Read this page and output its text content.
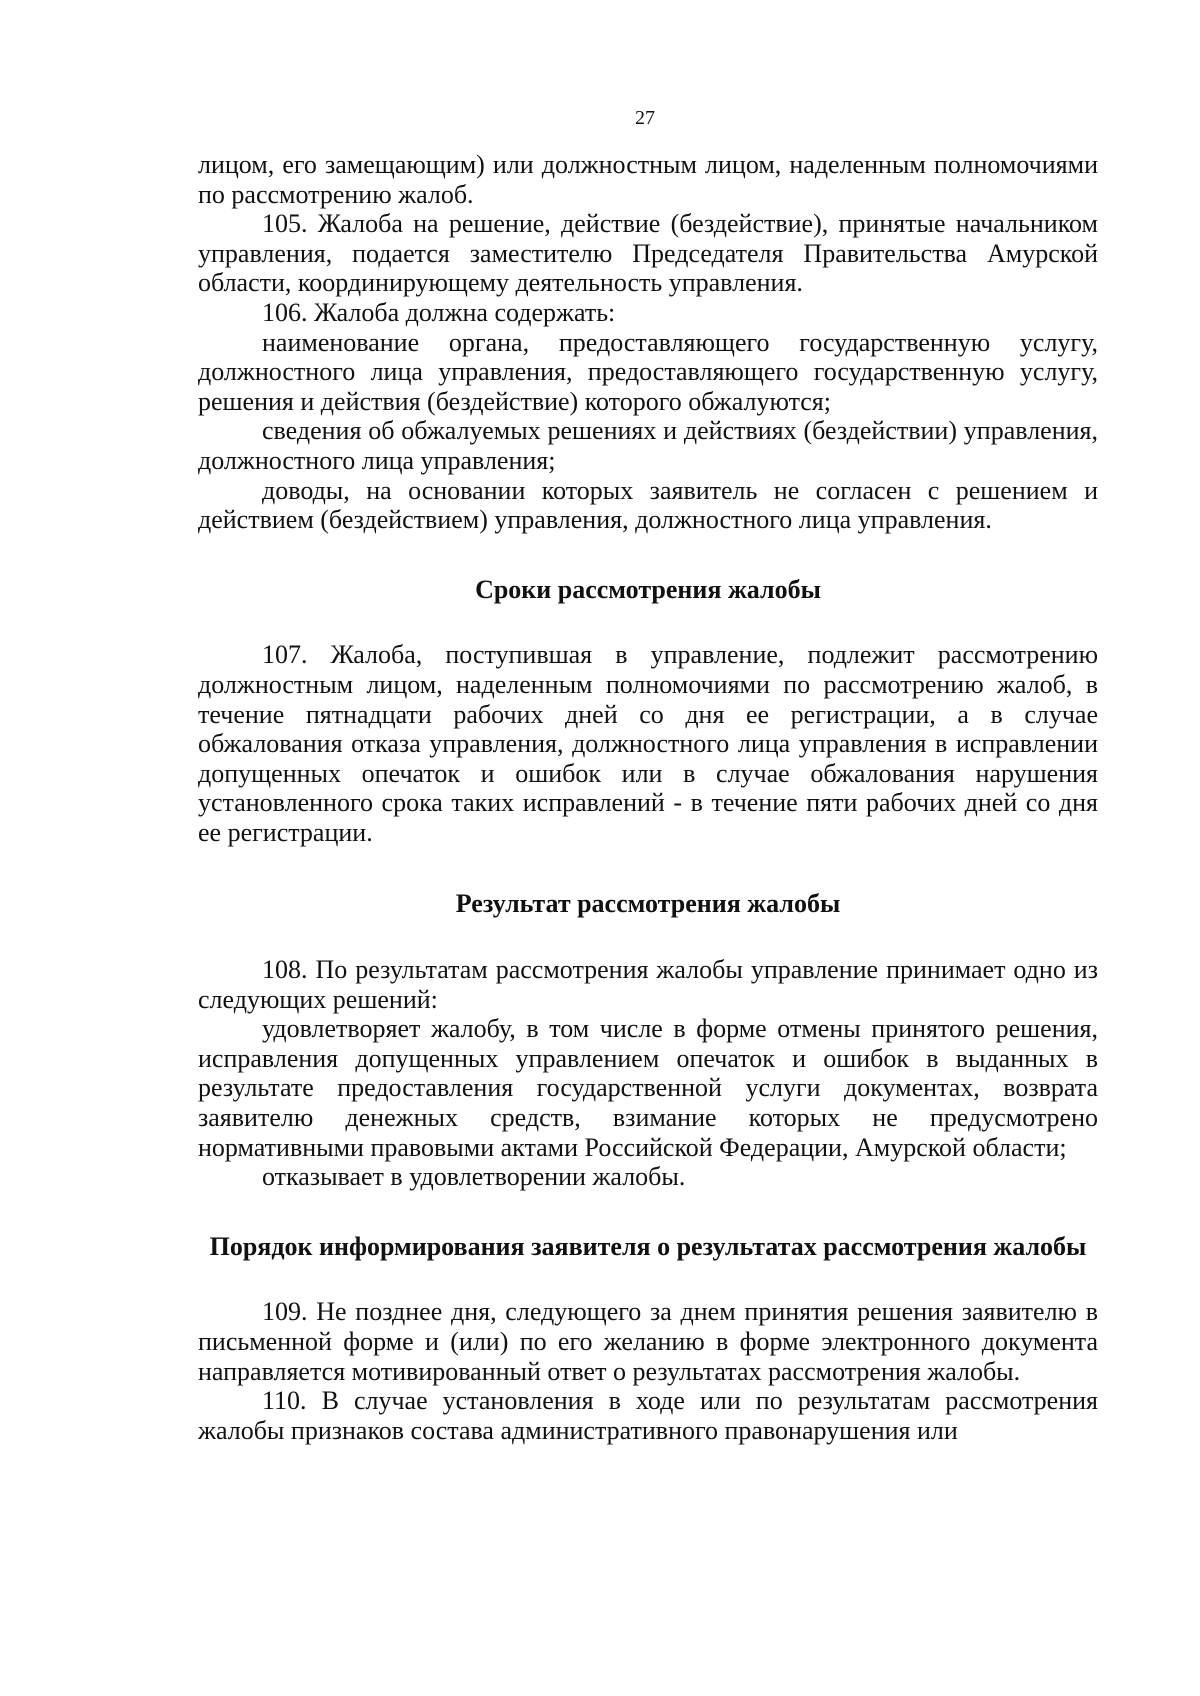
27

лицом, его замещающим) или должностным лицом, наделенным полномочиями по рассмотрению жалоб.

105. Жалоба на решение, действие (бездействие), принятые начальником управления, подается заместителю Председателя Правительства Амурской области, координирующему деятельность управления.

106. Жалоба должна содержать:

наименование органа, предоставляющего государственную услугу, должностного лица управления, предоставляющего государственную услугу, решения и действия (бездействие) которого обжалуются;

сведения об обжалуемых решениях и действиях (бездействии) управления, должностного лица управления;

доводы, на основании которых заявитель не согласен с решением и действием (бездействием) управления, должностного лица управления.

Сроки рассмотрения жалобы

107. Жалоба, поступившая в управление, подлежит рассмотрению должностным лицом, наделенным полномочиями по рассмотрению жалоб, в течение пятнадцати рабочих дней со дня ее регистрации, а в случае обжалования отказа управления, должностного лица управления в исправлении допущенных опечаток и ошибок или в случае обжалования нарушения установленного срока таких исправлений - в течение пяти рабочих дней со дня ее регистрации.

Результат рассмотрения жалобы

108. По результатам рассмотрения жалобы управление принимает одно из следующих решений:

удовлетворяет жалобу, в том числе в форме отмены принятого решения, исправления допущенных управлением опечаток и ошибок в выданных в результате предоставления государственной услуги документах, возврата заявителю денежных средств, взимание которых не предусмотрено нормативными правовыми актами Российской Федерации, Амурской области;

отказывает в удовлетворении жалобы.

Порядок информирования заявителя о результатах рассмотрения жалобы

109. Не позднее дня, следующего за днем принятия решения заявителю в письменной форме и (или) по его желанию в форме электронного документа направляется мотивированный ответ о результатах рассмотрения жалобы.

110. В случае установления в ходе или по результатам рассмотрения жалобы признаков состава административного правонарушения или
